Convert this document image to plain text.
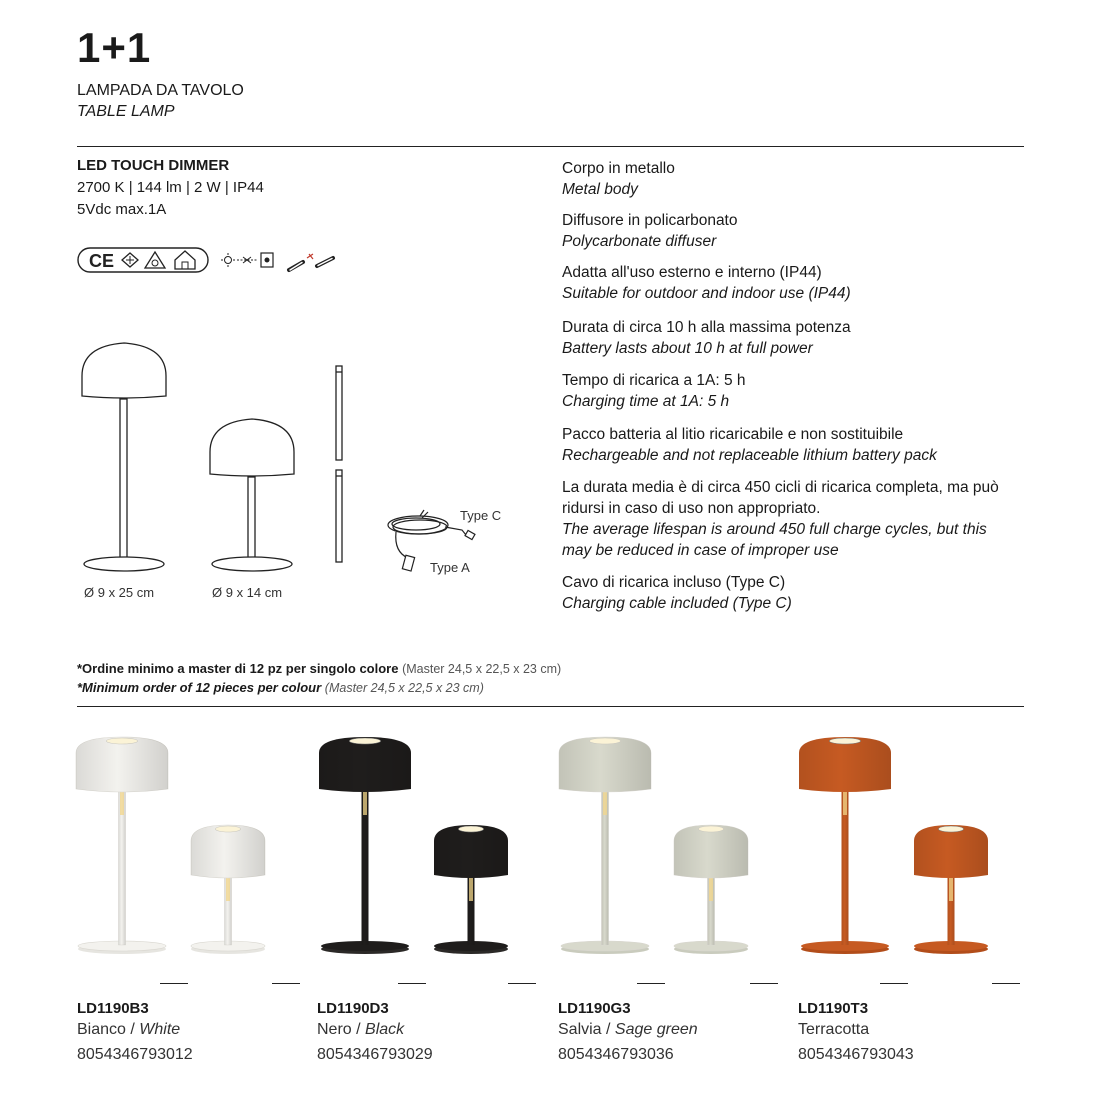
1+1
LAMPADA DA TAVOLO
TABLE LAMP
LED TOUCH DIMMER
2700 K | 144 lm | 2 W | IP44
5Vdc max.1A
CE
Ø 9 x 25 cm	Ø 9 x 14 cm
Type C
Type A
Corpo in metallo
Metal body
Diffusore in policarbonato
Polycarbonate diffuser
Adatta all'uso esterno e interno (IP44)
Suitable for outdoor and indoor use (IP44)
Durata di circa 10 h alla massima potenza
Battery lasts about 10 h at full power
Tempo di ricarica a 1A: 5 h
Charging time at 1A: 5 h
Pacco batteria al litio ricaricabile e non sostituibile
Rechargeable and not replaceable lithium battery pack
La durata media è di circa 450 cicli di ricarica completa, ma può ridursi in caso di uso non appropriato.
The average lifespan is around 450 full charge cycles, but this may be reduced in case of improper use
Cavo di ricarica incluso (Type C)
Charging cable included (Type C)
*Ordine minimo a master di 12 pz per singolo colore (Master 24,5 x 22,5 x 23 cm)
*Minimum order of 12 pieces per colour (Master 24,5 x 22,5 x 23 cm)
LD1190B3
Bianco / White
8054346793012
LD1190D3
Nero / Black
8054346793029
LD1190G3
Salvia / Sage green
8054346793036
LD1190T3
Terracotta
8054346793043
